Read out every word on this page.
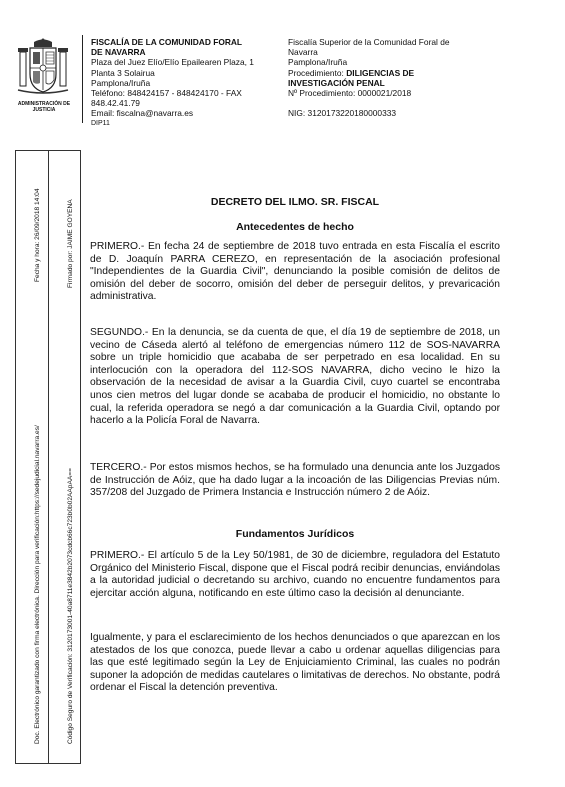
ADMINISTRACIÓN DE JUSTICIA
FISCALÍA DE LA COMUNIDAD FORAL
DE NAVARRA
Plaza del Juez Elío/Elío Epailearen Plaza, 1
Planta 3 Solairua
Pamplona/Iruña
Teléfono: 848424157 - 848424170 - FAX
848.42.41.79
Email: fiscalna@navarra.es
DIP11
Fiscalía Superior de la Comunidad Foral de
Navarra
Pamplona/Iruña
Procedimiento: DILIGENCIAS DE
INVESTIGACIÓN PENAL
Nº Procedimiento: 0000021/2018
NIG: 3120173220180000333
Fecha y hora: 26/09/2018 14:04	Firmado por: JAIME GOYENA
Doc. Electrónico garantizado con firma electrónica. Dirección para verificación:https://sedejudicial.navarra.es/	Código Seguro de Verificación: 3120173001-40a8711e3842b2073cdcb66c723b0b02AApAA==
DECRETO DEL ILMO. SR. FISCAL
Antecedentes de hecho

PRIMERO.- En fecha 24 de septiembre de 2018 tuvo entrada en esta Fiscalía el escrito de D. Joaquín PARRA CEREZO, en representación de la asociación profesional "Independientes de la Guardia Civil", denunciando la posible comisión de delitos de omisión del deber de socorro, omisión del deber de perseguir delitos, y prevaricación administrativa.

SEGUNDO.- En la denuncia, se da cuenta de que, el día 19 de septiembre de 2018, un vecino de Cáseda alertó al teléfono de emergencias número 112 de SOS-NAVARRA sobre un triple homicidio que acababa de ser perpetrado en esa localidad. En su interlocución con la operadora del 112-SOS NAVARRA, dicho vecino le hizo la observación de la necesidad de avisar a la Guardia Civil, cuyo cuartel se encontraba unos cien metros del lugar donde se acababa de producir el homicidio, no obstante lo cual, la referida operadora se negó a dar comunicación a la Guardia Civil, optando por hacerlo a la Policía Foral de Navarra.

TERCERO.- Por estos mismos hechos, se ha formulado una denuncia ante los Juzgados de Instrucción de Aóiz, que ha dado lugar a la incoación de las Diligencias Previas núm. 357/208 del Juzgado de Primera Instancia e Instrucción número 2 de Aóiz.

Fundamentos Jurídicos

PRIMERO.- El artículo 5 de la Ley 50/1981, de 30 de diciembre, reguladora del Estatuto Orgánico del Ministerio Fiscal, dispone que el Fiscal podrá recibir denuncias, enviándolas a la autoridad judicial o decretando su archivo, cuando no encuentre fundamentos para ejercitar acción alguna, notificando en este último caso la decisión al denunciante.

Igualmente, y para el esclarecimiento de los hechos denunciados o que aparezcan en los atestados de los que conozca, puede llevar a cabo u ordenar aquellas diligencias para las que esté legitimado según la Ley de Enjuiciamiento Criminal, las cuales no podrán suponer la adopción de medidas cautelares o limitativas de derechos. No obstante, podrá ordenar el Fiscal la detención preventiva.
